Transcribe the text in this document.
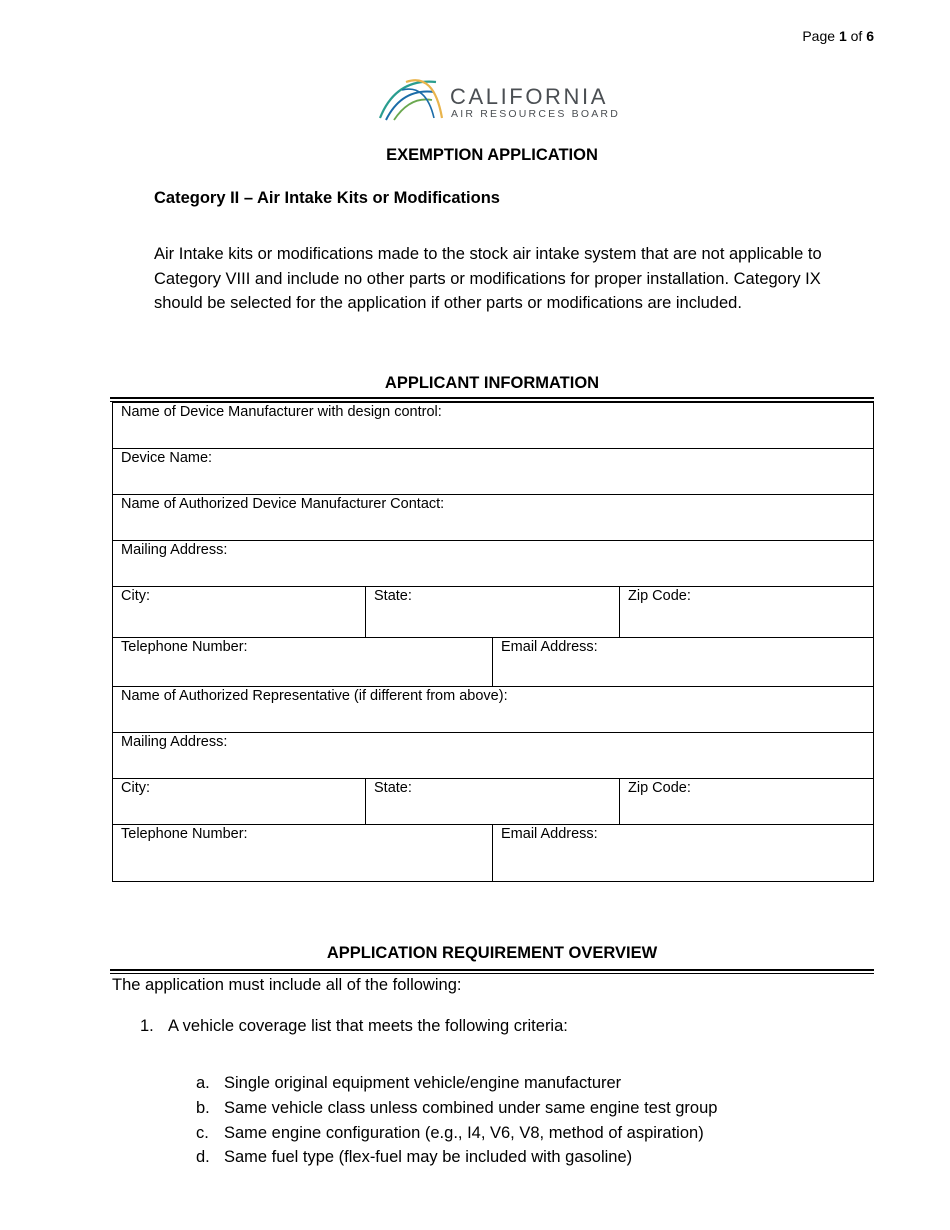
Page 1 of 6
CALIFORNIA
AIR RESOURCES BOARD
EXEMPTION APPLICATION
Category II – Air Intake Kits or Modifications
Air Intake kits or modifications made to the stock air intake system that are not applicable to Category VIII and include no other parts or modifications for proper installation. Category IX should be selected for the application if other parts or modifications are included.
APPLICANT INFORMATION
Name of Device Manufacturer with design control:			
Device Name:			
Name of Authorized Device Manufacturer Contact:			
Mailing Address:			
City:	State:		Zip Code:
Telephone Number:		Email Address:	
Name of Authorized Representative (if different from above):			
Mailing Address:			
City:	State:		Zip Code:
Telephone Number:		Email Address:	
APPLICATION REQUIREMENT OVERVIEW
The application must include all of the following:
1. A vehicle coverage list that meets the following criteria:
a. Single original equipment vehicle/engine manufacturer
b. Same vehicle class unless combined under same engine test group
c. Same engine configuration (e.g., I4, V6, V8, method of aspiration)
d. Same fuel type (flex-fuel may be included with gasoline)
